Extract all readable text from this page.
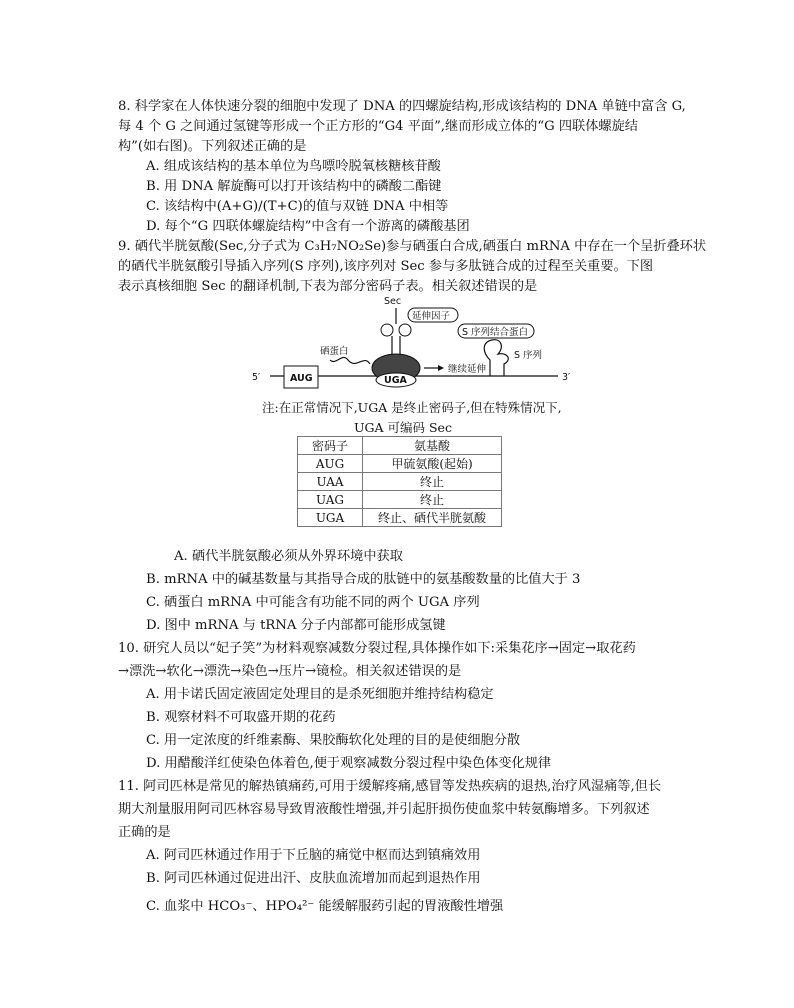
8. 科学家在人体快速分裂的细胞中发现了 DNA 的四螺旋结构,形成该结构的 DNA 单链中富含 G,
每 4 个 G 之间通过氢键等形成一个正方形的“G4 平面”,继而形成立体的“G 四联体螺旋结
构”(如右图)。下列叙述正确的是
A. 组成该结构的基本单位为鸟嘌呤脱氧核糖核苷酸
B. 用 DNA 解旋酶可以打开该结构中的磷酸二酯键
C. 该结构中(A+G)/(T+C)的值与双链 DNA 中相等
D. 每个“G 四联体螺旋结构”中含有一个游离的磷酸基团
9. 硒代半胱氨酸(Sec,分子式为 C₃H₇NO₂Se)参与硒蛋白合成,硒蛋白 mRNA 中存在一个呈折叠环状
的硒代半胱氨酸引导插入序列(S 序列),该序列对 Sec 参与多肽链合成的过程至关重要。下图
表示真核细胞 Sec 的翻译机制,下表为部分密码子表。相关叙述错误的是
5′	3′
AUG	UGA
Sec
延伸因子
S 序列结合蛋白
硒蛋白
继续延伸
S 序列
注:在正常情况下,UGA 是终止密码子,但在特殊情况下,
UGA 可编码 Sec
密码子	氨基酸
AUG	甲硫氨酸(起始)
UAA	终止
UAG	终止
UGA	终止、硒代半胱氨酸
A. 硒代半胱氨酸必须从外界环境中获取
B. mRNA 中的碱基数量与其指导合成的肽链中的氨基酸数量的比值大于 3
C. 硒蛋白 mRNA 中可能含有功能不同的两个 UGA 序列
D. 图中 mRNA 与 tRNA 分子内部都可能形成氢键
10. 研究人员以“妃子笑”为材料观察减数分裂过程,具体操作如下:采集花序→固定→取花药
→漂洗→软化→漂洗→染色→压片→镜检。相关叙述错误的是
A. 用卡诺氏固定液固定处理目的是杀死细胞并维持结构稳定
B. 观察材料不可取盛开期的花药
C. 用一定浓度的纤维素酶、果胶酶软化处理的目的是使细胞分散
D. 用醋酸洋红使染色体着色,便于观察减数分裂过程中染色体变化规律
11. 阿司匹林是常见的解热镇痛药,可用于缓解疼痛,感冒等发热疾病的退热,治疗风湿痛等,但长
期大剂量服用阿司匹林容易导致胃液酸性增强,并引起肝损伤使血浆中转氨酶增多。下列叙述
正确的是
A. 阿司匹林通过作用于下丘脑的痛觉中枢而达到镇痛效用
B. 阿司匹林通过促进出汗、皮肤血流增加而起到退热作用
C. 血浆中 HCO₃⁻、HPO₄²⁻ 能缓解服药引起的胃液酸性增强
